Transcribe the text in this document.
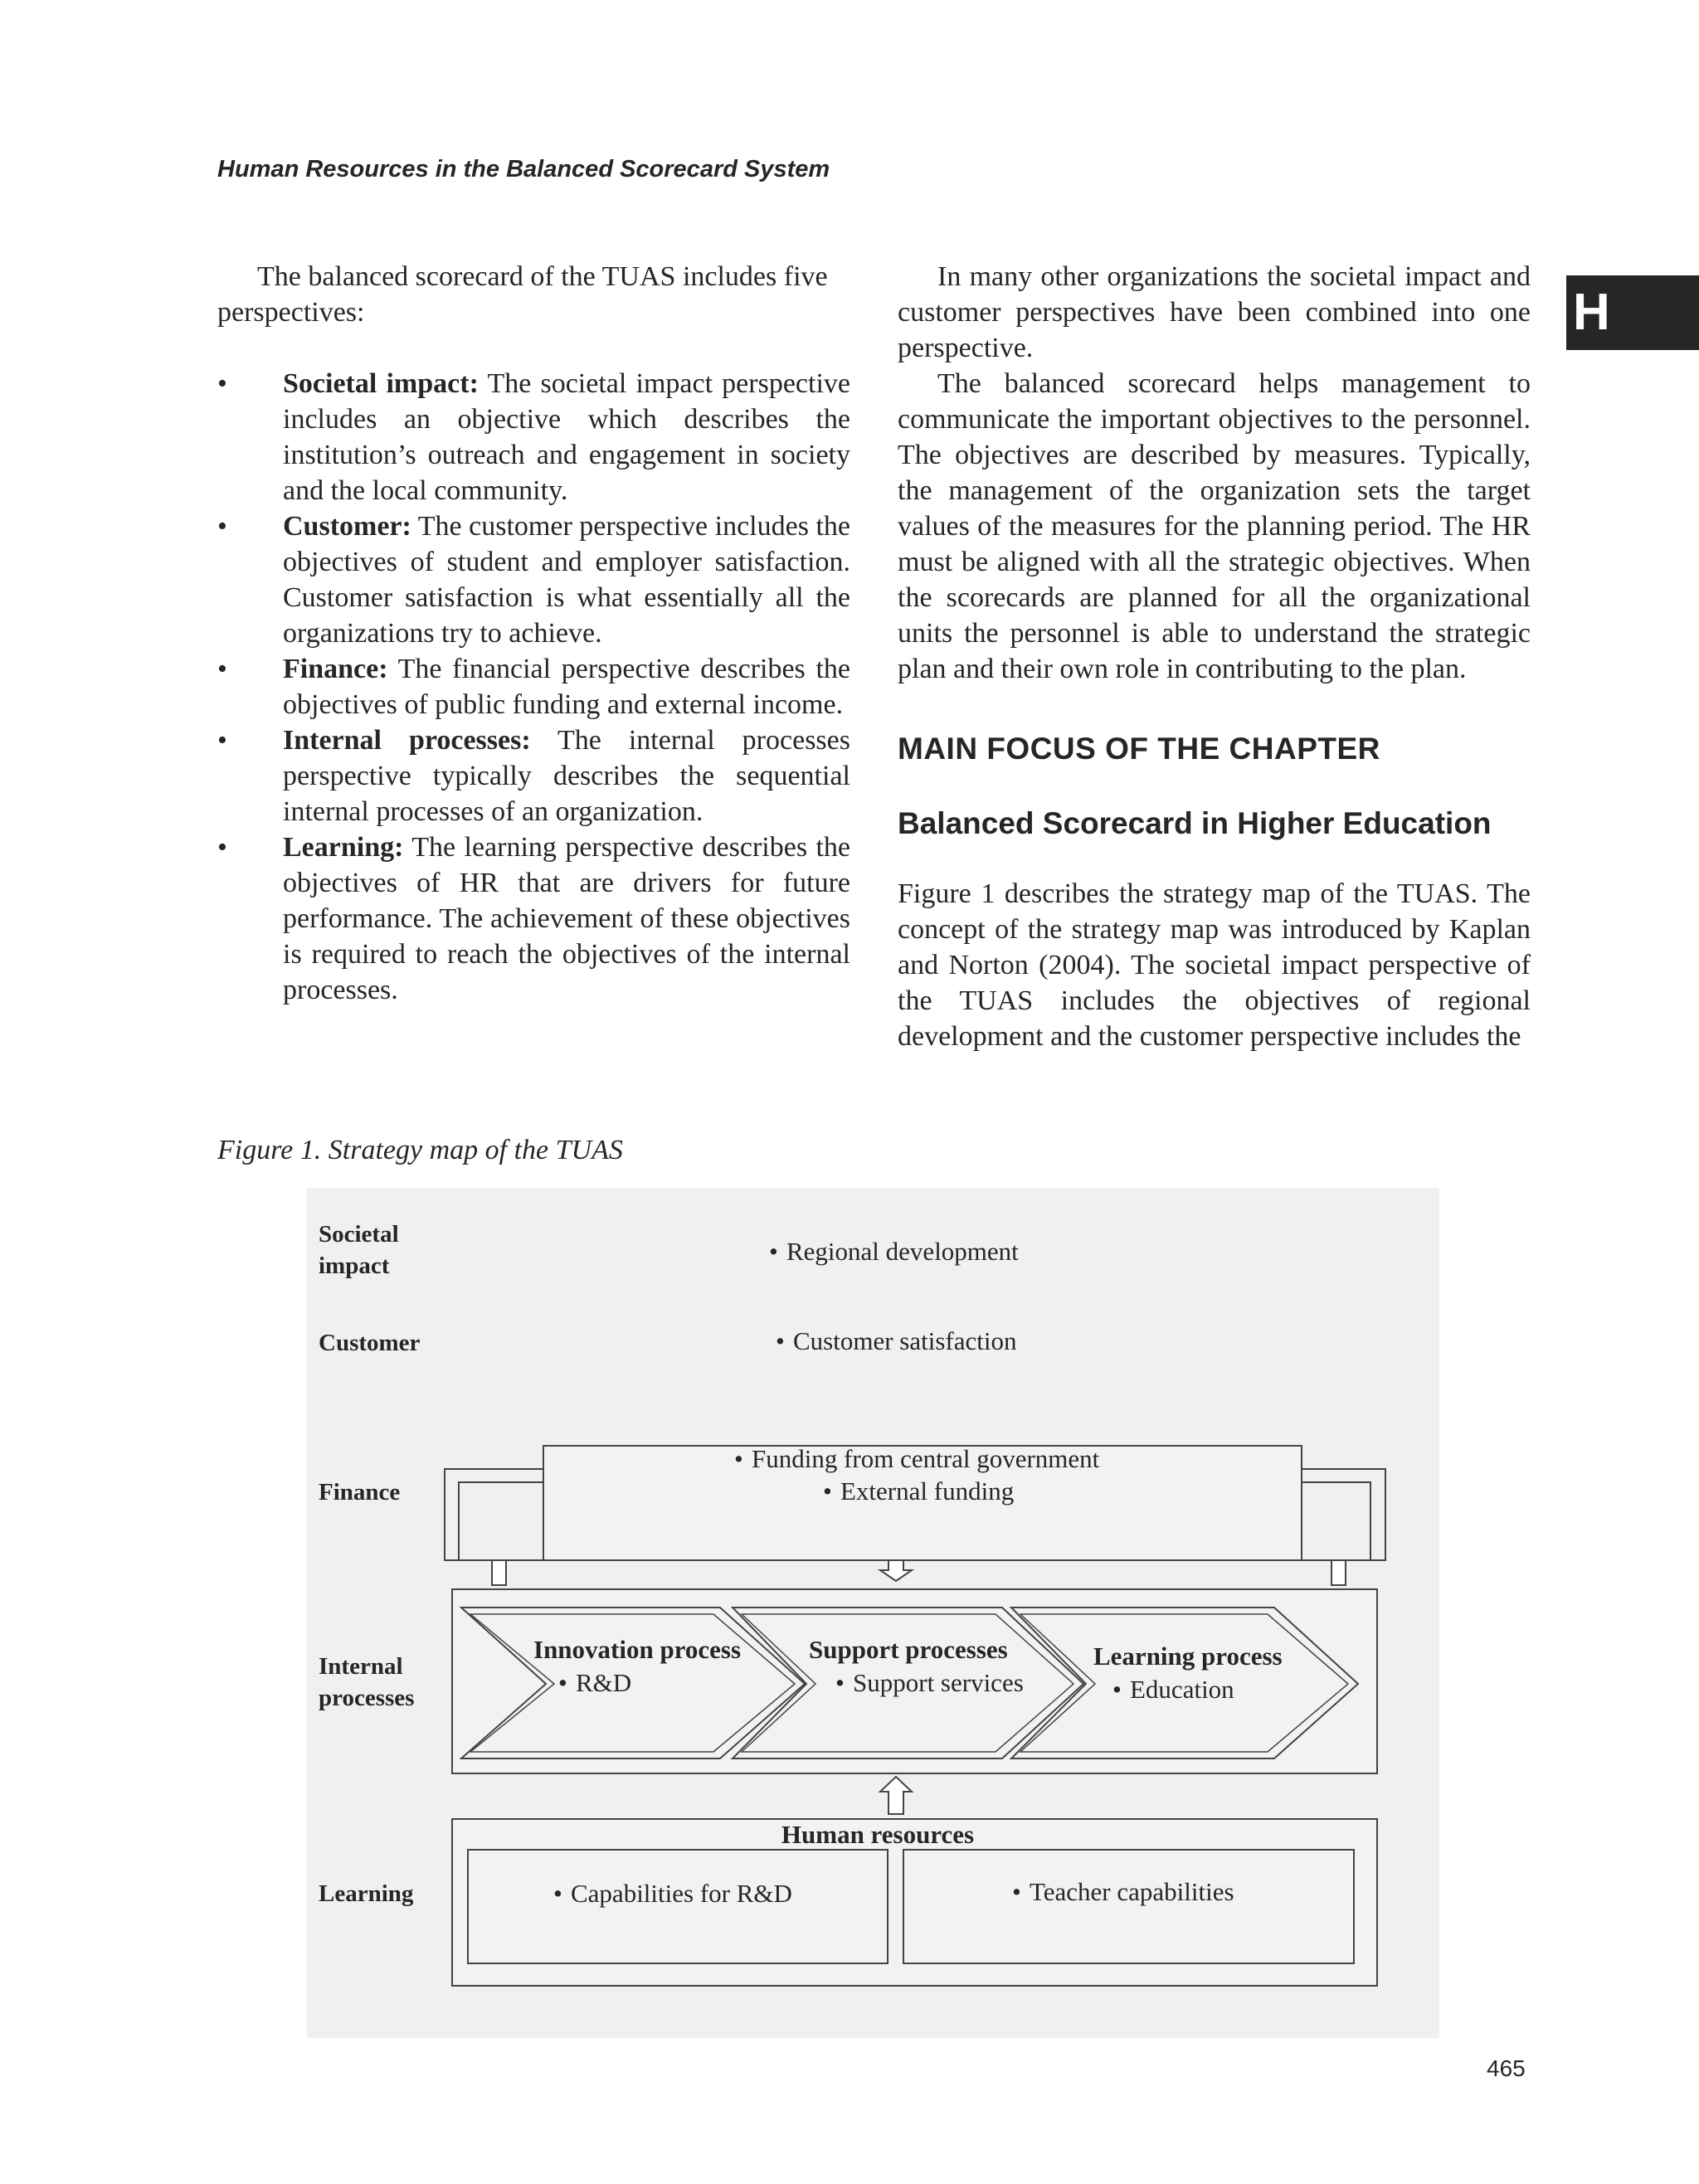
Human Resources in the Balanced Scorecard System
H

The balanced scorecard of the TUAS includes five

perspectives:

• Societal impact: The societal impact perspective includes an objective which describes the institution’s outreach and engagement in society and the local community.
• Customer: The customer perspective includes the objectives of student and employer satisfaction. Customer satisfaction is what essentially all the organizations try to achieve.
• Finance: The financial perspective describes the objectives of public funding and external income.
• Internal processes: The internal processes perspective typically describes the sequential internal processes of an organization.
• Learning: The learning perspective describes the objectives of HR that are drivers for future performance. The achievement of these objectives is required to reach the objectives of the internal processes.

In many other organizations the societal impact and customer perspectives have been combined into one perspective.

The balanced scorecard helps management to communicate the important objectives to the personnel. The objectives are described by measures. Typically, the management of the organization sets the target values of the measures for the planning period. The HR must be aligned with all the strategic objectives. When the scorecards are planned for all the organizational units the personnel is able to understand the strategic plan and their own role in contributing to the plan.

MAIN FOCUS OF THE CHAPTER
Balanced Scorecard in Higher Education

Figure 1 describes the strategy map of the TUAS. The concept of the strategy map was introduced by Kaplan and Norton (2004). The societal impact perspective of the TUAS includes the objectives of regional development and the customer perspective includes the

Figure 1. Strategy map of the TUAS
Societal
impact
Customer
Finance
Internal
processes
Learning
• Regional development
• Customer satisfaction
• Funding from central government
• External funding
Innovation process
• R&D
Support processes
• Support services
Learning process
• Education
Human resources
• Capabilities for R&D	• Teacher capabilities
465
